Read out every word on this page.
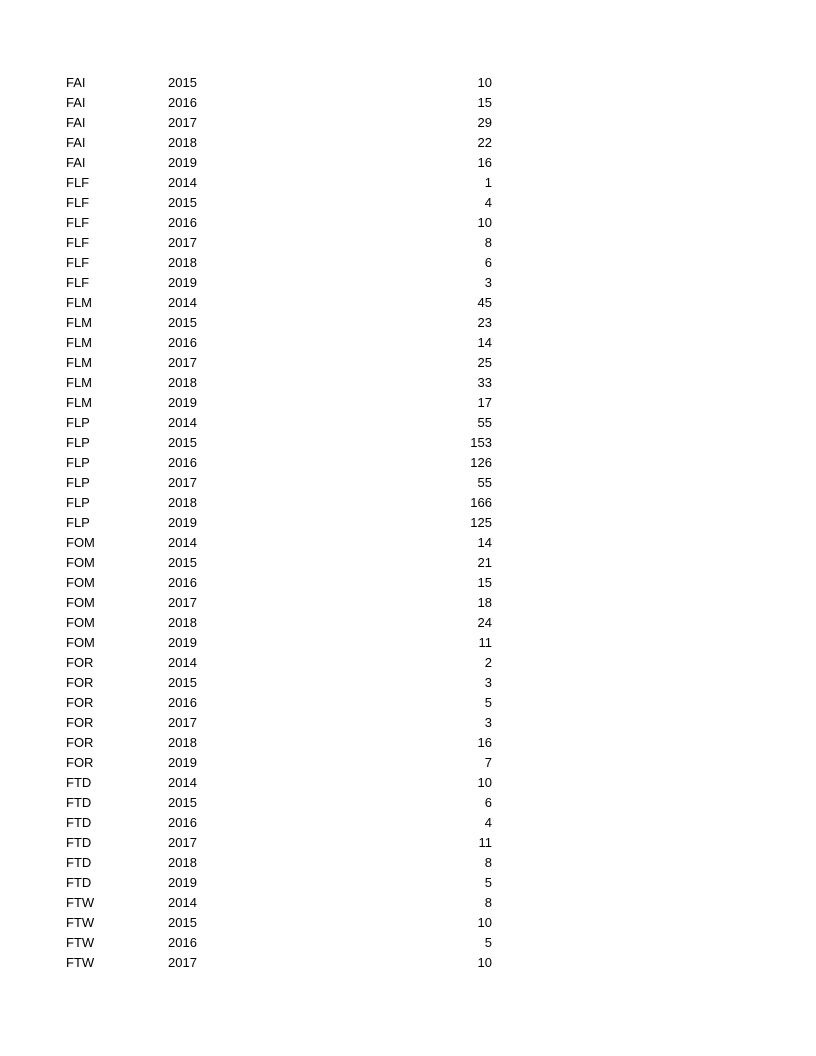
FAI	2015	10
FAI	2016	15
FAI	2017	29
FAI	2018	22
FAI	2019	16
FLF	2014	1
FLF	2015	4
FLF	2016	10
FLF	2017	8
FLF	2018	6
FLF	2019	3
FLM	2014	45
FLM	2015	23
FLM	2016	14
FLM	2017	25
FLM	2018	33
FLM	2019	17
FLP	2014	55
FLP	2015	153
FLP	2016	126
FLP	2017	55
FLP	2018	166
FLP	2019	125
FOM	2014	14
FOM	2015	21
FOM	2016	15
FOM	2017	18
FOM	2018	24
FOM	2019	11
FOR	2014	2
FOR	2015	3
FOR	2016	5
FOR	2017	3
FOR	2018	16
FOR	2019	7
FTD	2014	10
FTD	2015	6
FTD	2016	4
FTD	2017	11
FTD	2018	8
FTD	2019	5
FTW	2014	8
FTW	2015	10
FTW	2016	5
FTW	2017	10
